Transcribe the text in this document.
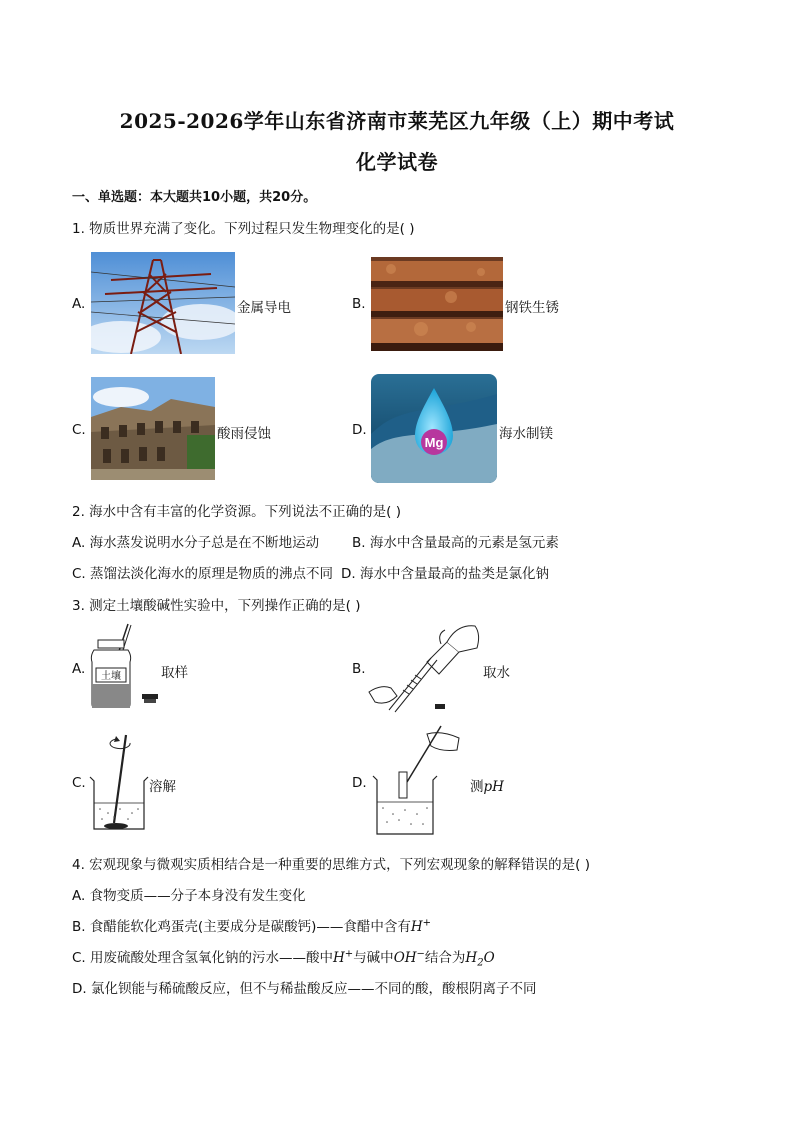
2025-2026学年山东省济南市莱芜区九年级（上）期中考试
化学试卷
一、单选题：本大题共10小题，共20分。
1. 物质世界充满了变化。下列过程只发生物理变化的是( )
A.	金属导电	B.	钢铁生锈
C.	酸雨侵蚀	D.
Mg
海水制镁
2. 海水中含有丰富的化学资源。下列说法不正确的是( )
A. 海水蒸发说明水分子总是在不断地运动 B. 海水中含量最高的元素是氢元素
C. 蒸馏法淡化海水的原理是物质的沸点不同 D. 海水中含量最高的盐类是氯化钠
3. 测定土壤酸碱性实验中，下列操作正确的是( )
A. 土壤	取样	B.	取水
C.	溶解	D.	测pH
4. 宏观现象与微观实质相结合是一种重要的思维方式，下列宏观现象的解释错误的是( )
A. 食物变质——分子本身没有发生变化
B. 食醋能软化鸡蛋壳(主要成分是碳酸钙)——食醋中含有H+
C. 用废硫酸处理含氢氧化钠的污水——酸中H+与碱中OH−结合为$H_2O$
D. 氯化钡能与稀硫酸反应，但不与稀盐酸反应——不同的酸，酸根阴离子不同
